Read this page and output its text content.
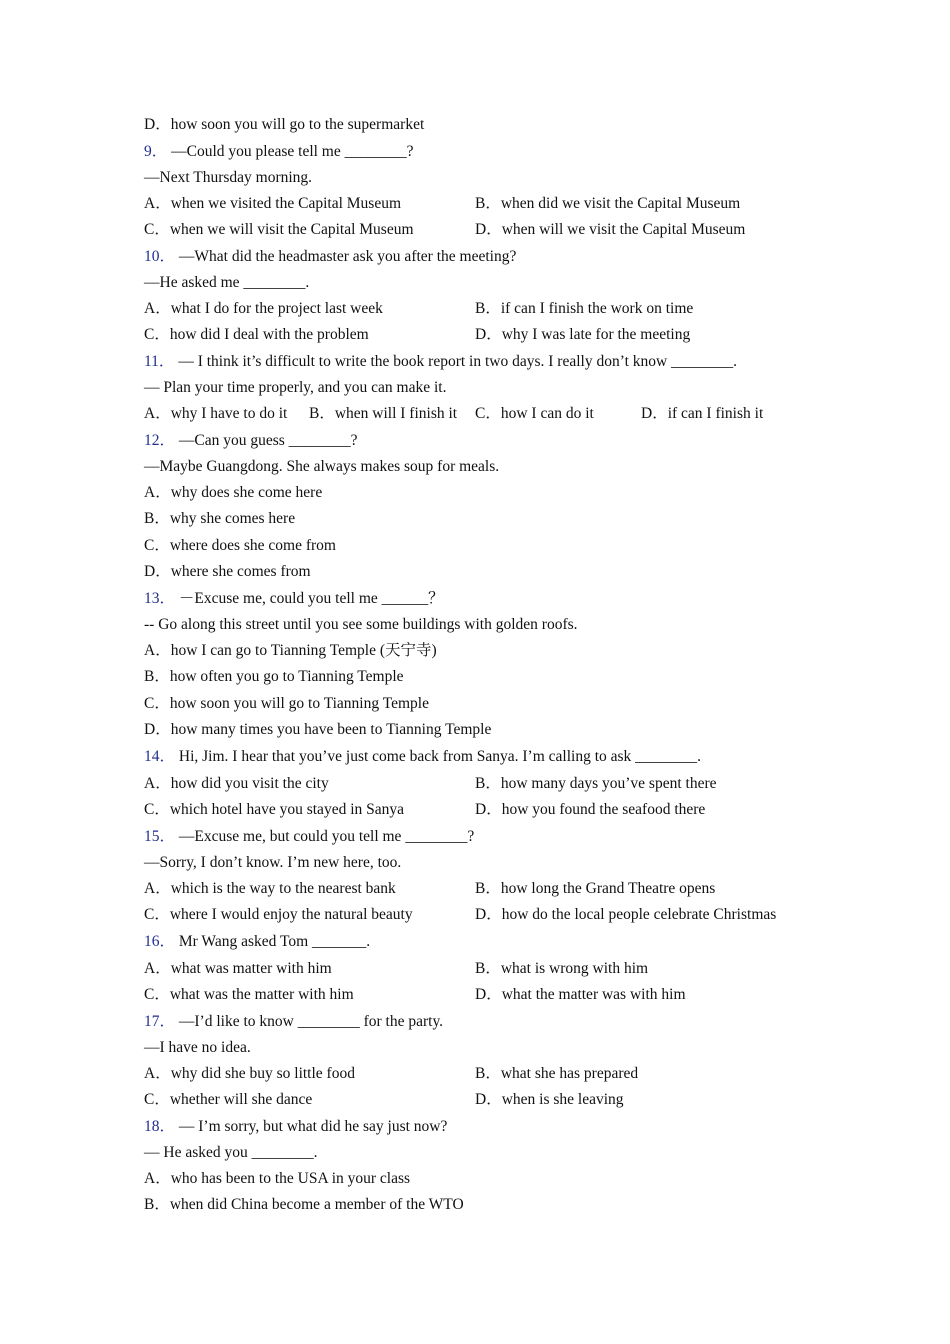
D．how soon you will go to the supermarket
9． —Could you please tell me ________?
—Next Thursday morning.
A．when we visited the Capital Museum	B．when did we visit the Capital Museum
C．when we will visit the Capital Museum	D．when will we visit the Capital Museum
10． —What did the headmaster ask you after the meeting?
—He asked me ________.
A．what I do for the project last week	B．if can I finish the work on time
C．how did I deal with the problem	D．why I was late for the meeting
11． — I think it’s difficult to write the book report in two days. I really don’t know ________.
— Plan your time properly, and you can make it.
A．why I have to do it B．when will I finish it C．how I can do it	D．if can I finish it
12． —Can you guess ________?
—Maybe Guangdong. She always makes soup for meals.
A．why does she come here
B．why she comes here
C．where does she come from
D．where she comes from
13． －Excuse me, could you tell me ______？
-- Go along this street until you see some buildings with golden roofs.
A．how I can go to Tianning Temple (天宁寺)
B．how often you go to Tianning Temple
C．how soon you will go to Tianning Temple
D．how many times you have been to Tianning Temple
14． Hi, Jim. I hear that you’ve just come back from Sanya. I’m calling to ask ________.
A．how did you visit the city	B．how many days you’ve spent there
C．which hotel have you stayed in Sanya	D．how you found the seafood there
15． —Excuse me, but could you tell me ________?
—Sorry, I don’t know. I’m new here, too.
A．which is the way to the nearest bank	B．how long the Grand Theatre opens
C．where I would enjoy the natural beauty	D．how do the local people celebrate Christmas
16． Mr Wang asked Tom _______.
A．what was matter with him	B．what is wrong with him
C．what was the matter with him	D．what the matter was with him
17． —I’d like to know ________ for the party.
—I have no idea.
A．why did she buy so little food	B．what she has prepared
C．whether will she dance	D．when is she leaving
18． — I’m sorry, but what did he say just now?
— He asked you ________.
A．who has been to the USA in your class
B．when did China become a member of the WTO
